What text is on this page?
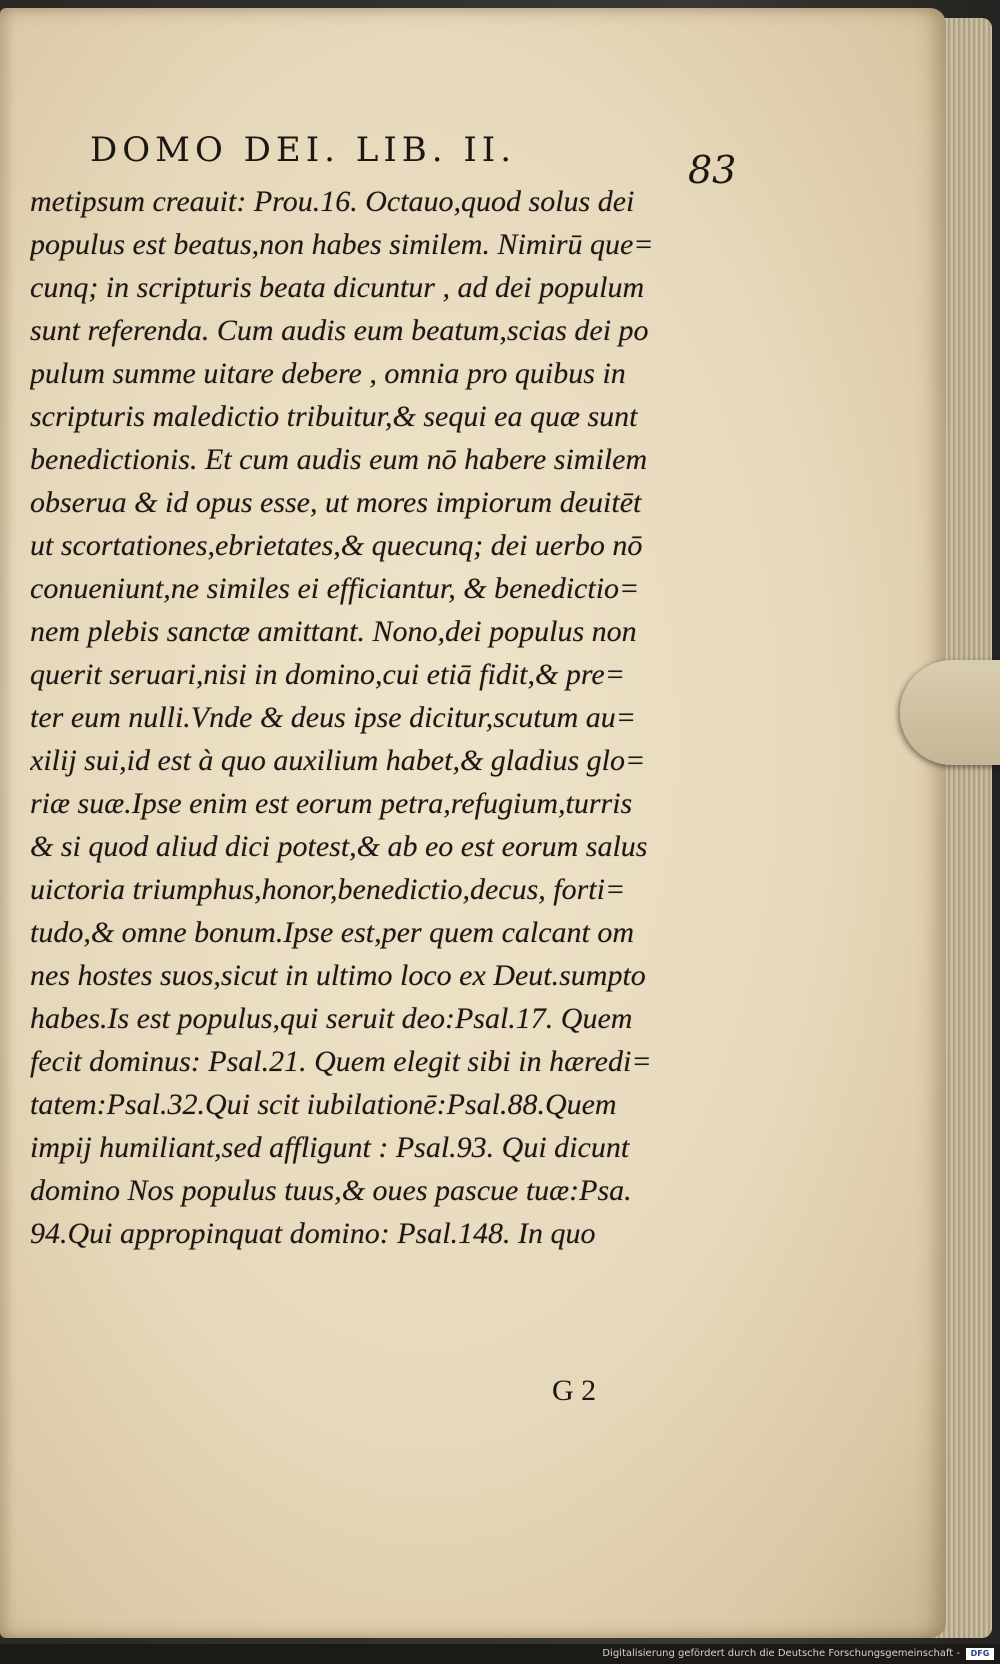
DOMO DEI. LIB. II.	83
metipsum creauit: Prou.16. Octauo,quod solus dei
populus est beatus,non habes similem. Nimirū que=
cunq; in scripturis beata dicuntur , ad dei populum
sunt referenda. Cum audis eum beatum,scias dei po
pulum summe uitare debere , omnia pro quibus in
scripturis maledictio tribuitur,& sequi ea quæ sunt
benedictionis. Et cum audis eum nō habere similem
obserua & id opus esse, ut mores impiorum deuitēt
ut scortationes,ebrietates,& quecunq; dei uerbo nō
conueniunt,ne similes ei efficiantur, & benedictio=
nem plebis sanctæ amittant. Nono,dei populus non
querit seruari,nisi in domino,cui etiā fidit,& pre=
ter eum nulli.Vnde & deus ipse dicitur,scutum au=
xilij sui,id est à quo auxilium habet,& gladius glo=
riæ suæ.Ipse enim est eorum petra,refugium,turris
& si quod aliud dici potest,& ab eo est eorum salus
uictoria triumphus,honor,benedictio,decus, forti=
tudo,& omne bonum.Ipse est,per quem calcant om
nes hostes suos,sicut in ultimo loco ex Deut.sumpto
habes.Is est populus,qui seruit deo:Psal.17. Quem
fecit dominus: Psal.21. Quem elegit sibi in hæredi=
tatem:Psal.32.Qui scit iubilationē:Psal.88.Quem
impij humiliant,sed affligunt : Psal.93. Qui dicunt
domino Nos populus tuus,& oues pascue tuæ:Psa.
94.Qui appropinquat domino: Psal.148. In quo
G 2
Digitalisierung gefördert durch die Deutsche Forschungsgemeinschaft -	DFG
